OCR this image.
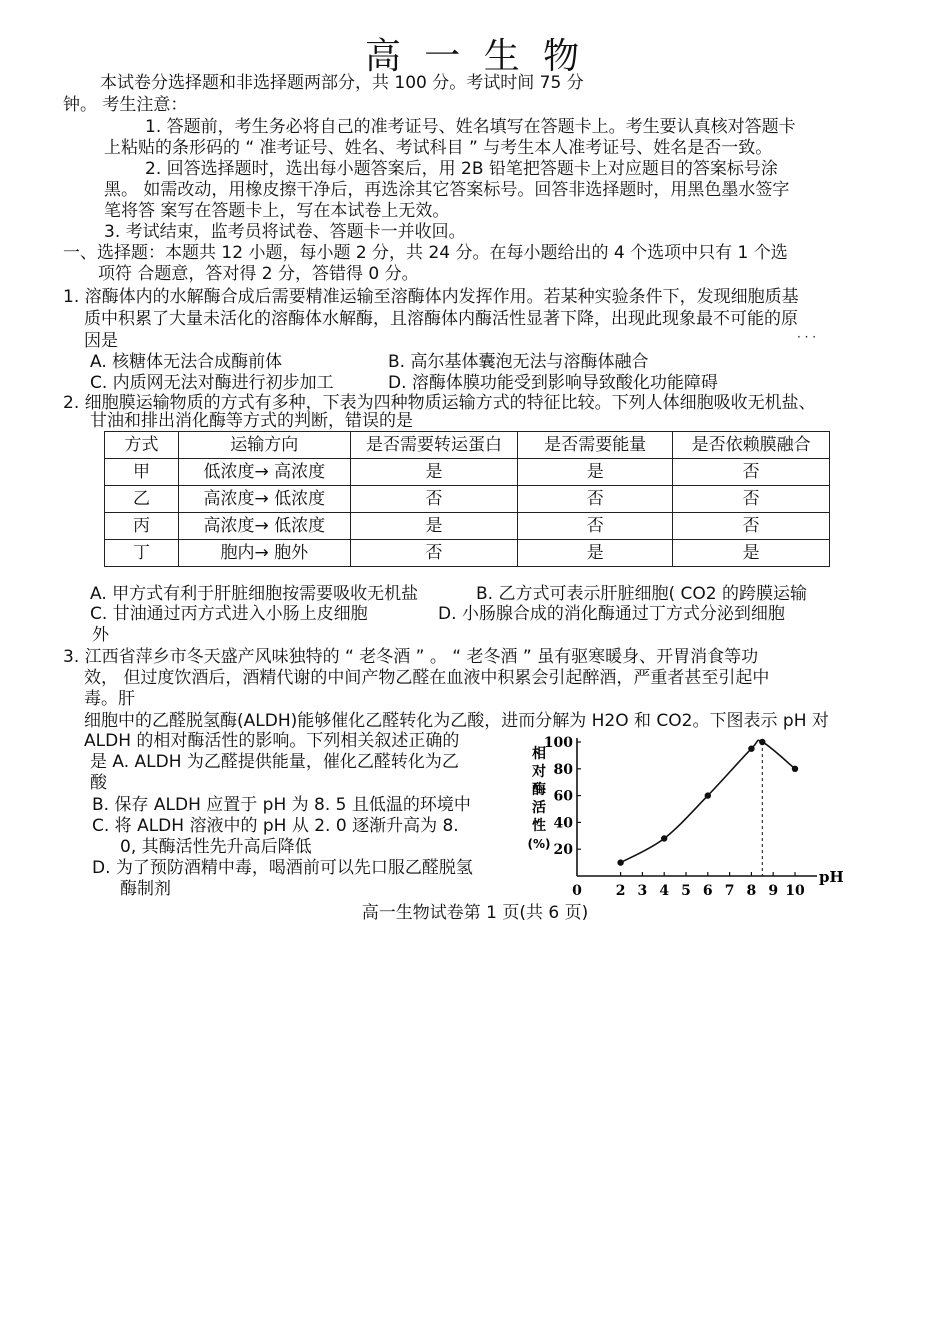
高 一 生 物
本试卷分选择题和非选择题两部分，共 100 分。考试时间 75 分
钟。 考生注意：
1. 答题前，考生务必将自己的准考证号、姓名填写在答题卡上。考生要认真核对答题卡
上粘贴的条形码的 “ 准考证号、姓名、考试科目 ” 与考生本人准考证号、姓名是否一致。
2. 回答选择题时，选出每小题答案后，用 2B 铅笔把答题卡上对应题目的答案标号涂
黑。 如需改动，用橡皮擦干净后，再选涂其它答案标号。回答非选择题时，用黑色墨水签字
笔将答 案写在答题卡上，写在本试卷上无效。
3. 考试结束，监考员将试卷、答题卡一并收回。
一、选择题：本题共 12 小题，每小题 2 分，共 24 分。在每小题给出的 4 个选项中只有 1 个选
项符 合题意，答对得 2 分，答错得 0 分。
1. 溶酶体内的水解酶合成后需要精准运输至溶酶体内发挥作用。若某种实验条件下，发现细胞质基
质中积累了大量未活化的溶酶体水解酶，且溶酶体内酶活性显著下降，出现此现象最不可能的原
因是	· · ·
A. 核糖体无法合成酶前体	B. 高尔基体囊泡无法与溶酶体融合
C. 内质网无法对酶进行初步加工	D. 溶酶体膜功能受到影响导致酸化功能障碍
2. 细胞膜运输物质的方式有多种，下表为四种物质运输方式的特征比较。下列人体细胞吸收无机盐、
甘油和排出消化酶等方式的判断，错误的是
方式	运输方向	是否需要转运蛋白	是否需要能量	是否依赖膜融合
甲	低浓度→ 高浓度	是	是	否
乙	高浓度→ 低浓度	否	否	否
丙	高浓度→ 低浓度	是	否	否
丁	胞内→ 胞外	否	是	是
A. 甲方式有利于肝脏细胞按需要吸收无机盐	B. 乙方式可表示肝脏细胞( CO2 的跨膜运输
C. 甘油通过丙方式进入小肠上皮细胞	D. 小肠腺合成的消化酶通过丁方式分泌到细胞
外
3. 江西省萍乡市冬天盛产风味独特的 “ 老冬酒 ” 。 “ 老冬酒 ” 虽有驱寒暖身、开胃消食等功
效， 但过度饮酒后，酒精代谢的中间产物乙醛在血液中积累会引起醉酒，严重者甚至引起中
毒。肝
细胞中的乙醛脱氢酶(ALDH)能够催化乙醛转化为乙酸，进而分解为 H2O 和 CO2。下图表示 pH 对
ALDH 的相对酶活性的影响。下列相关叙述正确的
是 A. ALDH 为乙醛提供能量，催化乙醛转化为乙
酸
B. 保存 ALDH 应置于 pH 为 8. 5 且低温的环境中
C. 将 ALDH 溶液中的 pH 从 2. 0 逐渐升高为 8.
0, 其酶活性先升高后降低
D. 为了预防酒精中毒，喝酒前可以先口服乙醛脱氢
酶制剂
20
40
60
80
100
0 2 3 4 5 6 7 8 9 10
pH
相
对
酶
活
性
(%)
高一生物试卷第 1 页(共 6 页)
